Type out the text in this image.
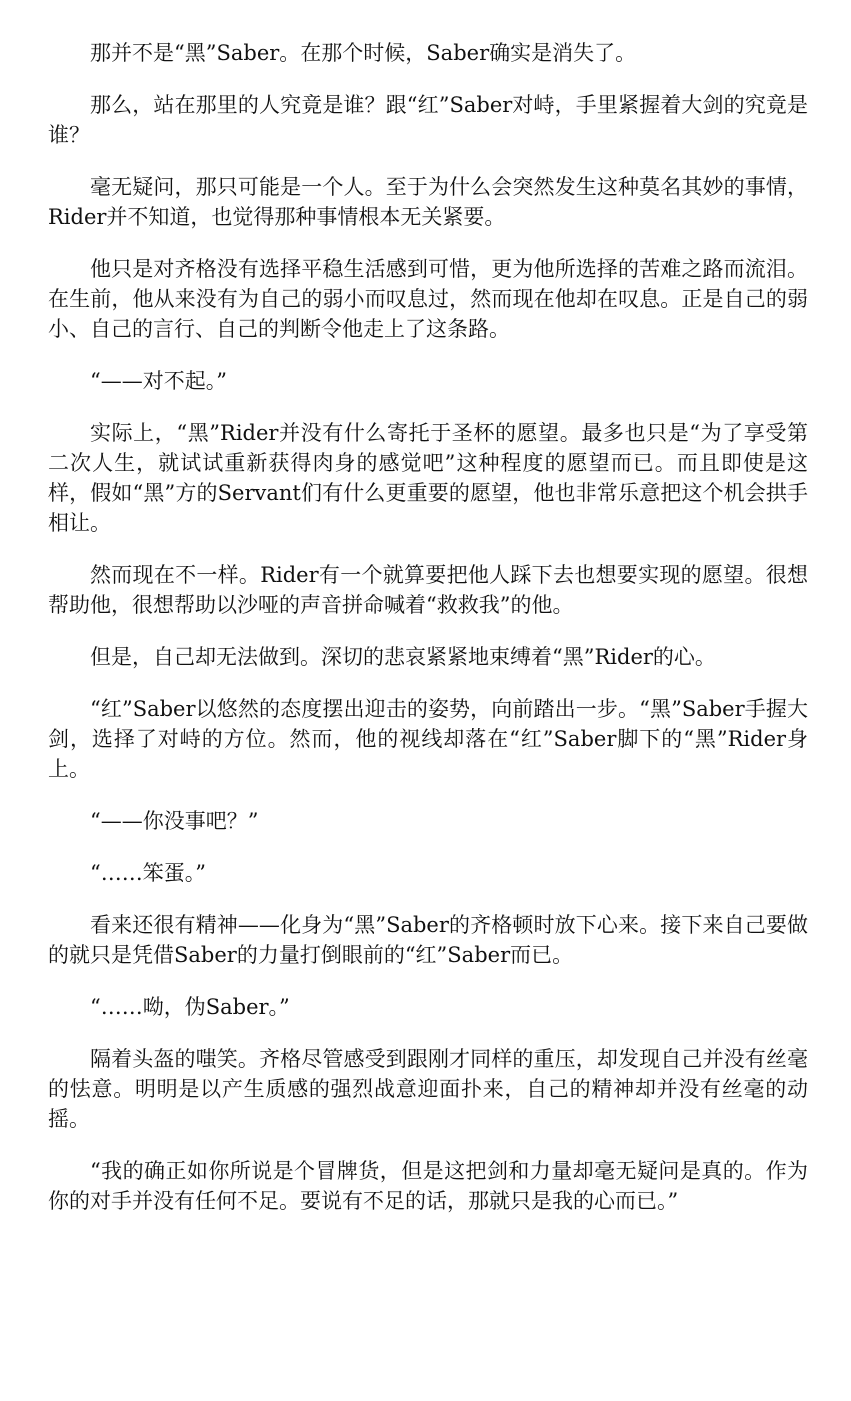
那并不是“黑”Saber。在那个时候，Saber确实是消失了。

那么，站在那里的人究竟是谁？跟“红”Saber对峙，手里紧握着大剑的究竟是谁？

毫无疑问，那只可能是一个人。至于为什么会突然发生这种莫名其妙的事情，Rider并不知道，也觉得那种事情根本无关紧要。

他只是对齐格没有选择平稳生活感到可惜，更为他所选择的苦难之路而流泪。在生前，他从来没有为自己的弱小而叹息过，然而现在他却在叹息。正是自己的弱小、自己的言行、自己的判断令他走上了这条路。

“——对不起。”

实际上，“黑”Rider并没有什么寄托于圣杯的愿望。最多也只是“为了享受第二次人生，就试试重新获得肉身的感觉吧”这种程度的愿望而已。而且即使是这样，假如“黑”方的Servant们有什么更重要的愿望，他也非常乐意把这个机会拱手相让。

然而现在不一样。Rider有一个就算要把他人踩下去也想要实现的愿望。很想帮助他，很想帮助以沙哑的声音拼命喊着“救救我”的他。

但是，自己却无法做到。深切的悲哀紧紧地束缚着“黑”Rider的心。

“红”Saber以悠然的态度摆出迎击的姿势，向前踏出一步。“黑”Saber手握大剑，选择了对峙的方位。然而，他的视线却落在“红”Saber脚下的“黑”Rider身上。

“——你没事吧？”

“……笨蛋。”

看来还很有精神——化身为“黑”Saber的齐格顿时放下心来。接下来自己要做的就只是凭借Saber的力量打倒眼前的“红”Saber而已。

“……呦，伪Saber。”

隔着头盔的嗤笑。齐格尽管感受到跟刚才同样的重压，却发现自己并没有丝毫的怯意。明明是以产生质感的强烈战意迎面扑来，自己的精神却并没有丝毫的动摇。

“我的确正如你所说是个冒牌货，但是这把剑和力量却毫无疑问是真的。作为你的对手并没有任何不足。要说有不足的话，那就只是我的心而已。”
